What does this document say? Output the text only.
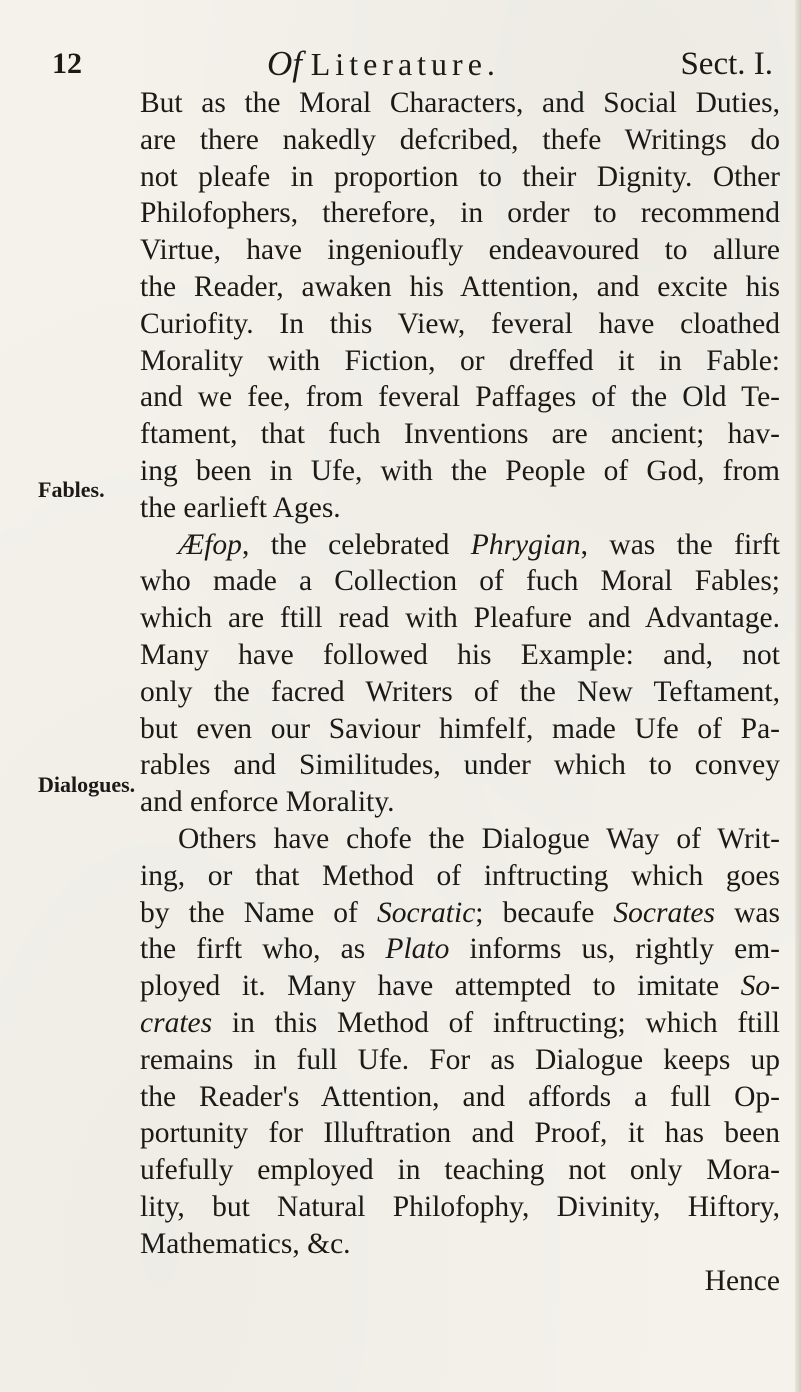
12	Of Literature.	Sect. I.
Fables.
Dialogues.
But as the Moral Characters, and Social Duties,
are there nakedly defcribed, thefe Writings do
not pleafe in proportion to their Dignity. Other
Philofophers, therefore, in order to recommend
Virtue, have ingenioufly endeavoured to allure
the Reader, awaken his Attention, and excite his
Curiofity. In this View, feveral have cloathed
Morality with Fiction, or dreffed it in Fable:
and we fee, from feveral Paffages of the Old Te-
ftament, that fuch Inventions are ancient; hav-
ing been in Ufe, with the People of God, from
the earlieft Ages.
Æfop, the celebrated Phrygian, was the firft
who made a Collection of fuch Moral Fables;
which are ftill read with Pleafure and Advantage.
Many have followed his Example: and, not
only the facred Writers of the New Teftament,
but even our Saviour himfelf, made Ufe of Pa-
rables and Similitudes, under which to convey
and enforce Morality.
Others have chofe the Dialogue Way of Writ-
ing, or that Method of inftructing which goes
by the Name of Socratic; becaufe Socrates was
the firft who, as Plato informs us, rightly em-
ployed it. Many have attempted to imitate So-
crates in this Method of inftructing; which ftill
remains in full Ufe. For as Dialogue keeps up
the Reader's Attention, and affords a full Op-
portunity for Illuftration and Proof, it has been
ufefully employed in teaching not only Mora-
lity, but Natural Philofophy, Divinity, Hiftory,
Mathematics, &c.
Hence
